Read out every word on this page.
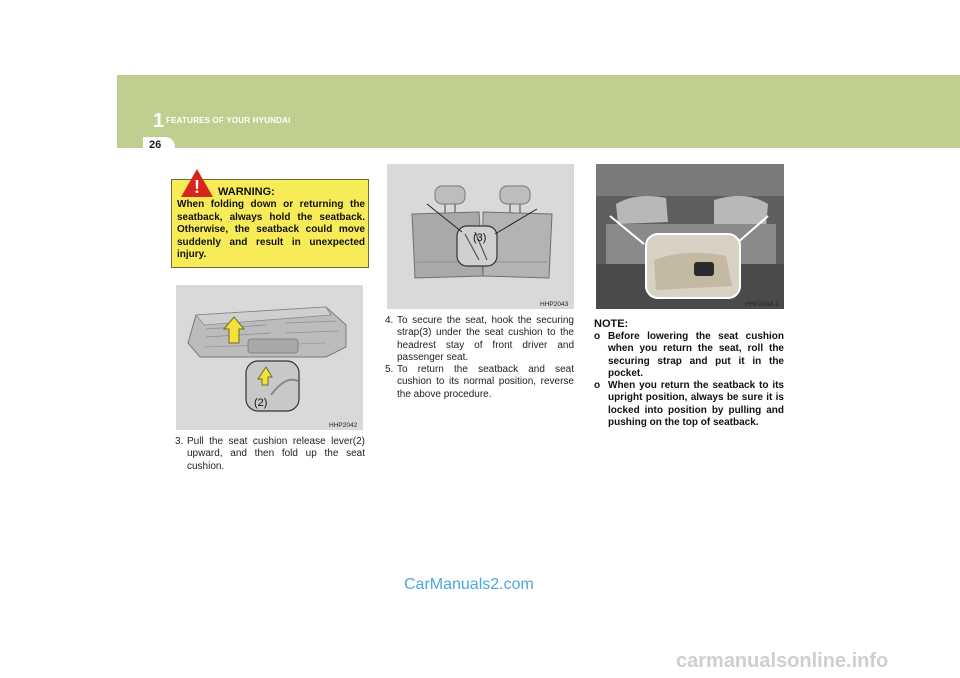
1 FEATURES OF YOUR HYUNDAI
26
! WARNING:
When folding down or returning the seatback, always hold the seatback. Otherwise, the seatback could move suddenly and result in unexpected injury.
(2)
HHP2042
3. Pull the seat cushion release lever(2) upward, and then fold up the seat cushion.
(3)
HHP2043
4. To secure the seat, hook the securing strap(3) under the seat cushion to the headrest stay of front driver and passenger seat.
5. To return the seatback and seat cushion to its normal position, reverse the above procedure.
HHP2043-1
NOTE:
o Before lowering the seat cushion when you return the seat, roll the securing strap and put it in the pocket.
o When you return the seatback to its upright position, always be sure it is locked into position by pulling and pushing on the top of seatback.
CarManuals2.com
carmanualsonline.info
